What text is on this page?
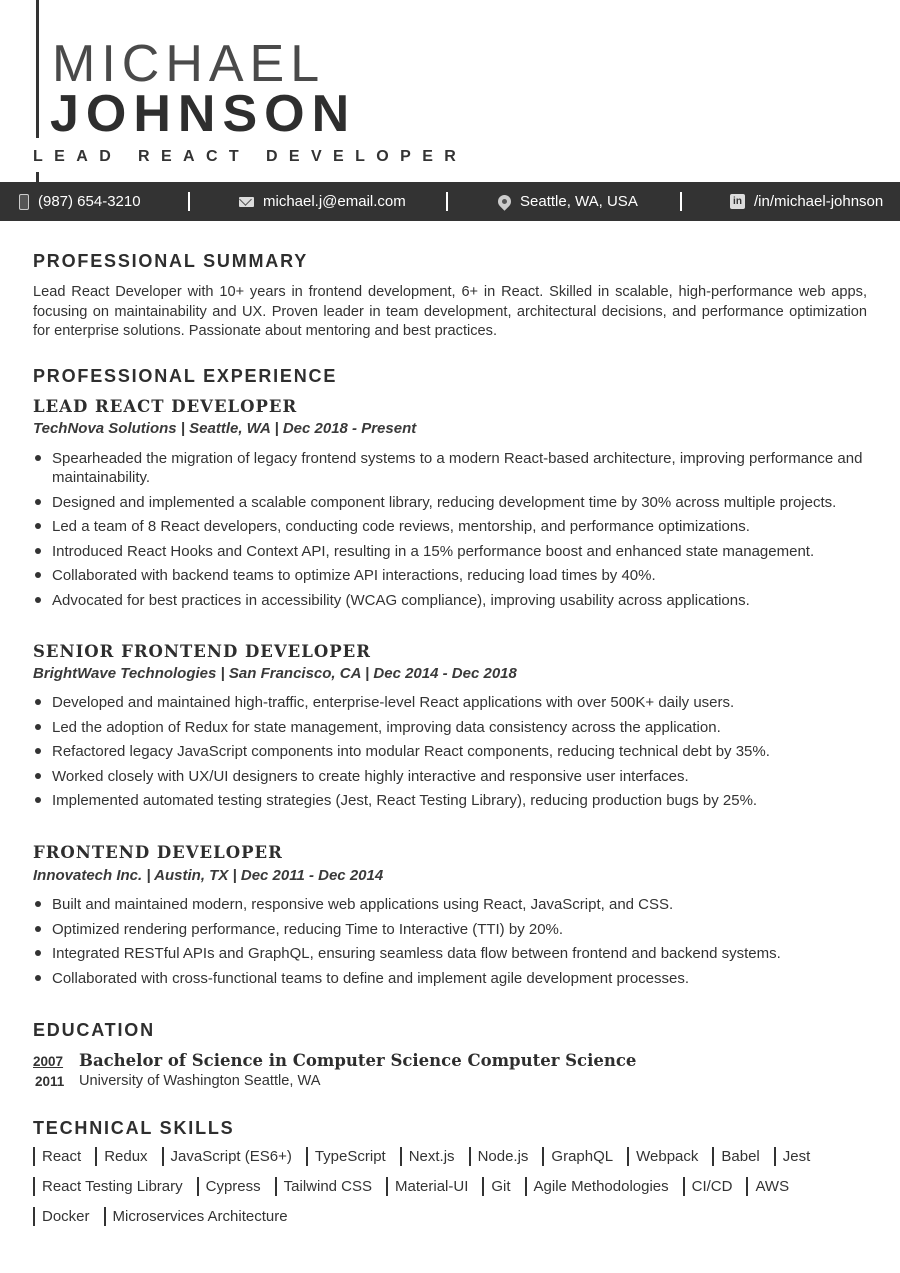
MICHAEL
JOHNSON
LEAD REACT DEVELOPER
(987) 654-3210	michael.j@email.com	Seattle, WA, USA	in /in/michael-johnson
PROFESSIONAL SUMMARY
Lead React Developer with 10+ years in frontend development, 6+ in React. Skilled in scalable, high-performance web apps, focusing on maintainability and UX. Proven leader in team development, architectural decisions, and performance optimization for enterprise solutions. Passionate about mentoring and best practices.
PROFESSIONAL EXPERIENCE
LEAD REACT DEVELOPER
TechNova Solutions | Seattle, WA | Dec 2018 - Present
Spearheaded the migration of legacy frontend systems to a modern React-based architecture, improving performance and maintainability.
Designed and implemented a scalable component library, reducing development time by 30% across multiple projects.
Led a team of 8 React developers, conducting code reviews, mentorship, and performance optimizations.
Introduced React Hooks and Context API, resulting in a 15% performance boost and enhanced state management.
Collaborated with backend teams to optimize API interactions, reducing load times by 40%.
Advocated for best practices in accessibility (WCAG compliance), improving usability across applications.
SENIOR FRONTEND DEVELOPER
BrightWave Technologies | San Francisco, CA | Dec 2014 - Dec 2018
Developed and maintained high-traffic, enterprise-level React applications with over 500K+ daily users.
Led the adoption of Redux for state management, improving data consistency across the application.
Refactored legacy JavaScript components into modular React components, reducing technical debt by 35%.
Worked closely with UX/UI designers to create highly interactive and responsive user interfaces.
Implemented automated testing strategies (Jest, React Testing Library), reducing production bugs by 25%.
FRONTEND DEVELOPER
Innovatech Inc. | Austin, TX | Dec 2011 - Dec 2014
Built and maintained modern, responsive web applications using React, JavaScript, and CSS.
Optimized rendering performance, reducing Time to Interactive (TTI) by 20%.
Integrated RESTful APIs and GraphQL, ensuring seamless data flow between frontend and backend systems.
Collaborated with cross-functional teams to define and implement agile development processes.
EDUCATION
2007
2011
Bachelor of Science in Computer Science Computer Science
University of Washington Seattle, WA
TECHNICAL SKILLS
React	Redux	JavaScript (ES6+)	TypeScript	Next.js	Node.js	GraphQL	Webpack	Babel	Jest
React Testing Library	Cypress	Tailwind CSS	Material-UI	Git	Agile Methodologies	CI/CD	AWS
Docker	Microservices Architecture
